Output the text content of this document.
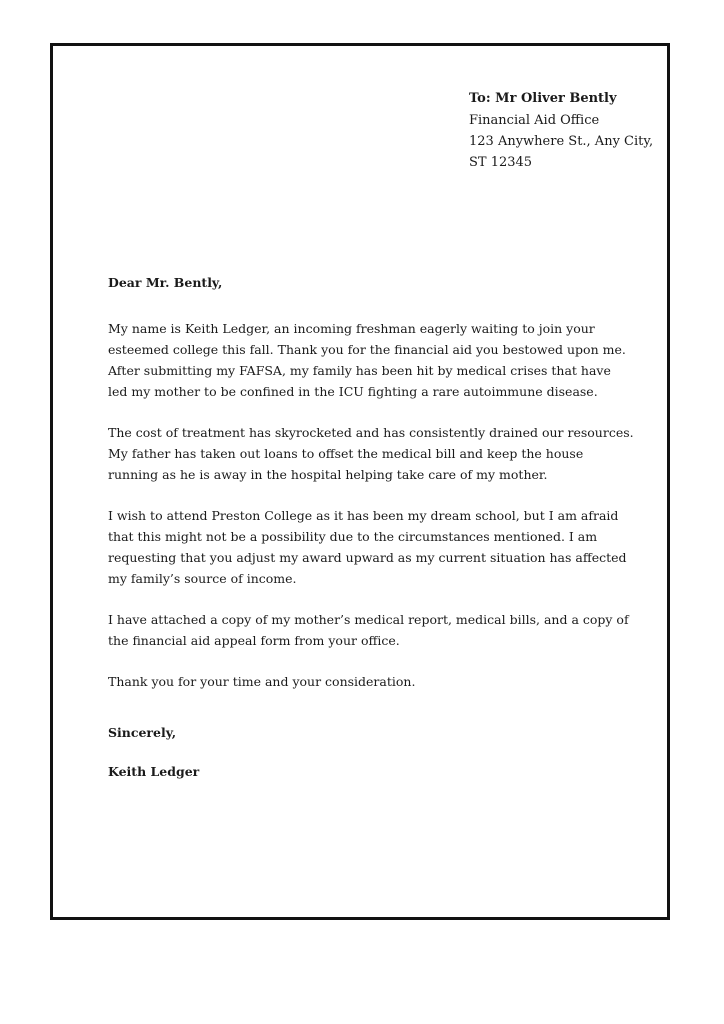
To: Mr Oliver Bently
Financial Aid Office
123 Anywhere St., Any City,
ST 12345

Dear Mr. Bently,

My name is Keith Ledger, an incoming freshman eagerly waiting to join your
esteemed college this fall. Thank you for the financial aid you bestowed upon me.
After submitting my FAFSA, my family has been hit by medical crises that have
led my mother to be confined in the ICU fighting a rare autoimmune disease.

The cost of treatment has skyrocketed and has consistently drained our resources.
My father has taken out loans to offset the medical bill and keep the house
running as he is away in the hospital helping take care of my mother.

I wish to attend Preston College as it has been my dream school, but I am afraid
that this might not be a possibility due to the circumstances mentioned. I am
requesting that you adjust my award upward as my current situation has affected
my family’s source of income.

I have attached a copy of my mother’s medical report, medical bills, and a copy of
the financial aid appeal form from your office.

Thank you for your time and your consideration.

Sincerely,

Keith Ledger
